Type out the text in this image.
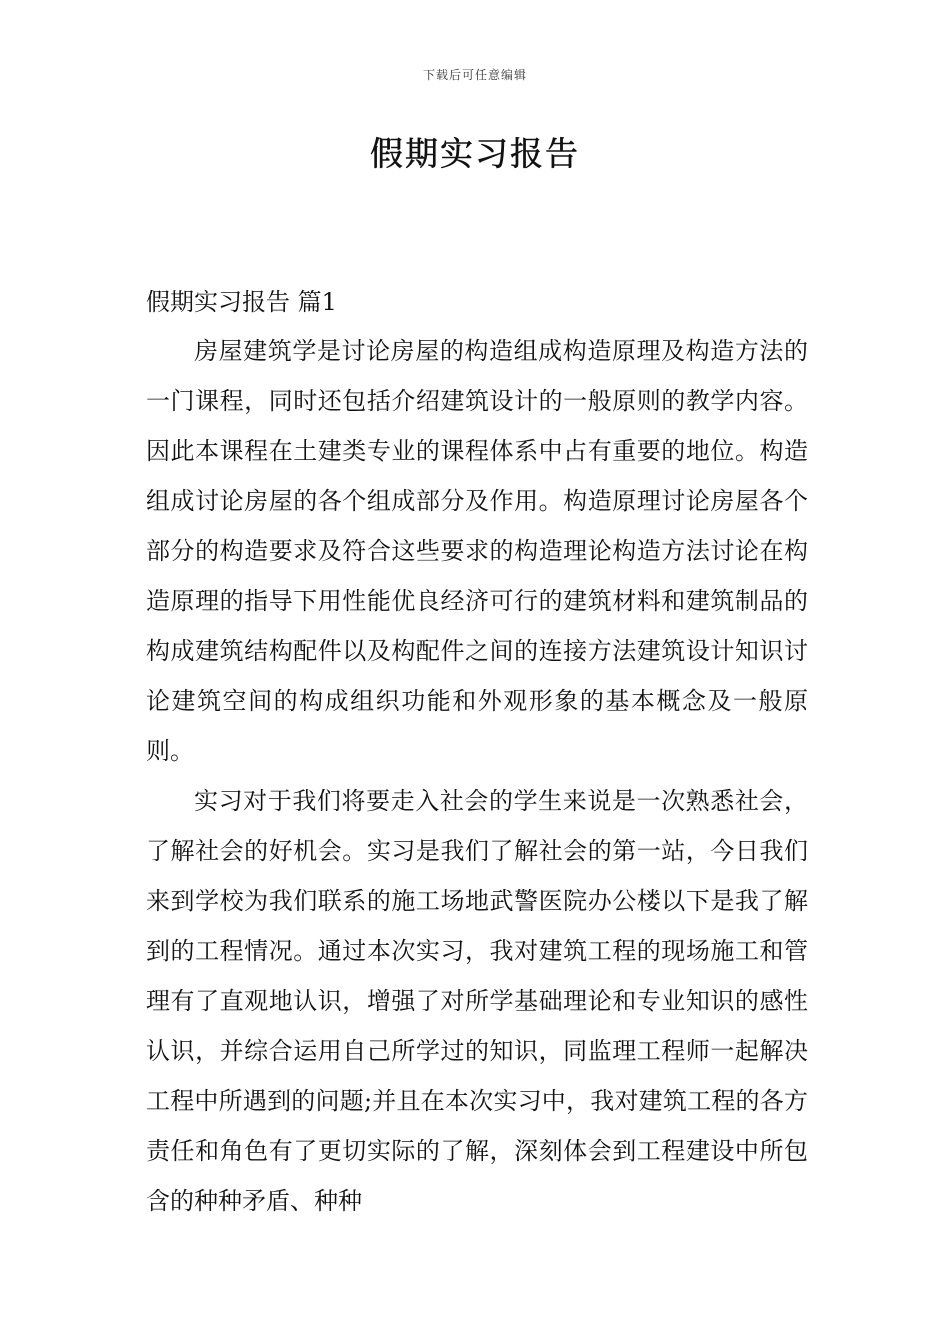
下载后可任意编辑
假期实习报告
假期实习报告 篇1

房屋建筑学是讨论房屋的构造组成构造原理及构造方法的一门课程，同时还包括介绍建筑设计的一般原则的教学内容。因此本课程在土建类专业的课程体系中占有重要的地位。构造组成讨论房屋的各个组成部分及作用。构造原理讨论房屋各个部分的构造要求及符合这些要求的构造理论构造方法讨论在构造原理的指导下用性能优良经济可行的建筑材料和建筑制品的构成建筑结构配件以及构配件之间的连接方法建筑设计知识讨论建筑空间的构成组织功能和外观形象的基本概念及一般原则。

实习对于我们将要走入社会的学生来说是一次熟悉社会，了解社会的好机会。实习是我们了解社会的第一站，今日我们来到学校为我们联系的施工场地武警医院办公楼以下是我了解到的工程情况。通过本次实习，我对建筑工程的现场施工和管理有了直观地认识，增强了对所学基础理论和专业知识的感性认识，并综合运用自己所学过的知识，同监理工程师一起解决工程中所遇到的问题;并且在本次实习中，我对建筑工程的各方责任和角色有了更切实际的了解，深刻体会到工程建设中所包含的种种矛盾、种种
